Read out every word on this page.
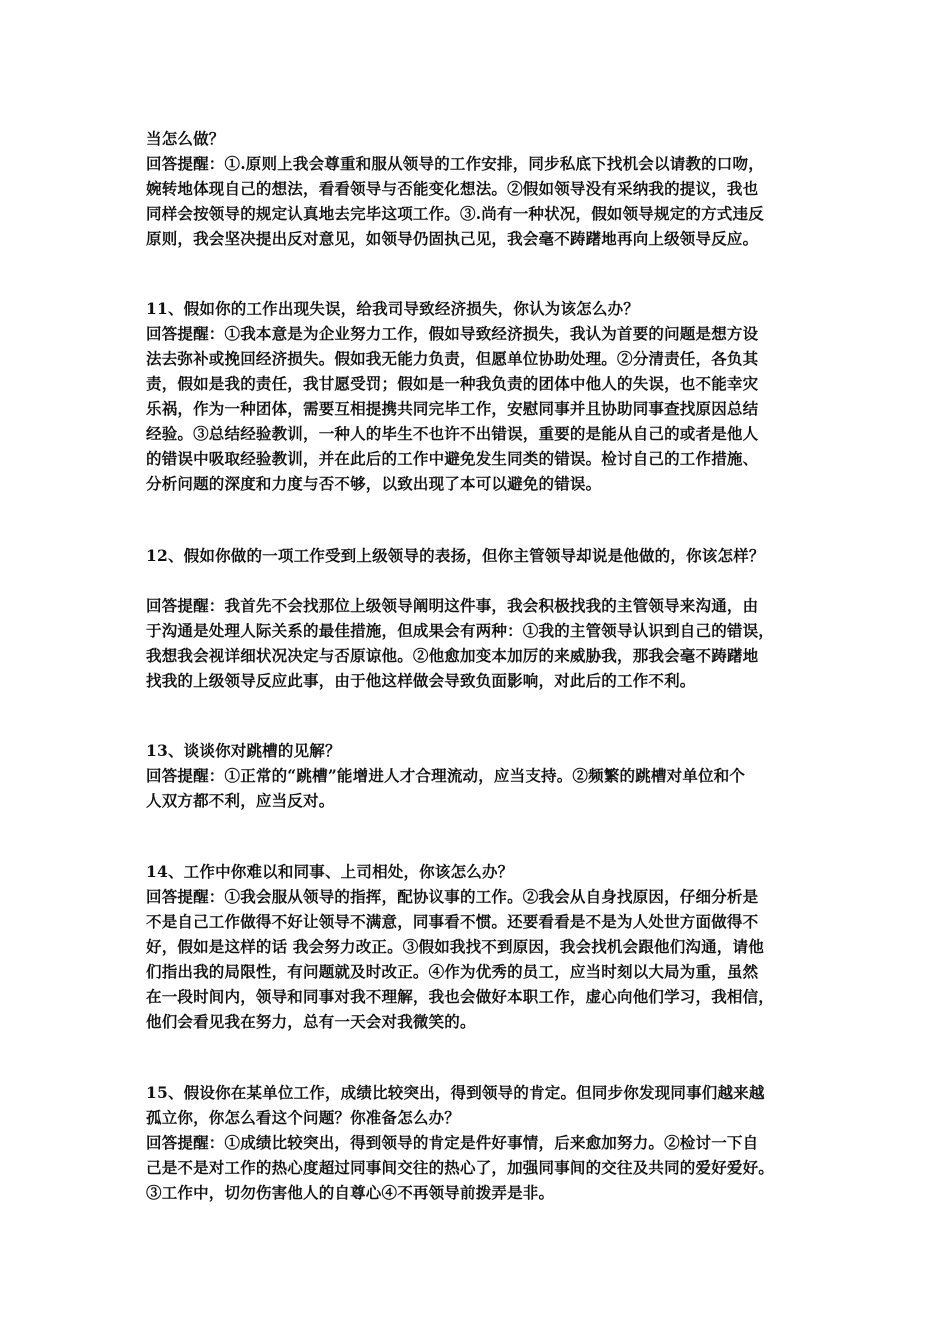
当怎么做？
回答提醒：①.原则上我会尊重和服从领导的工作安排，同步私底下找机会以请教的口吻，
婉转地体现自己的想法，看看领导与否能变化想法。②假如领导没有采纳我的提议，我也
同样会按领导的规定认真地去完毕这项工作。③.尚有一种状况，假如领导规定的方式违反
原则，我会坚决提出反对意见，如领导仍固执己见，我会毫不踌躇地再向上级领导反应。
11、假如你的工作出现失误，给我司导致经济损失，你认为该怎么办？
回答提醒：①我本意是为企业努力工作，假如导致经济损失，我认为首要的问题是想方设
法去弥补或挽回经济损失。假如我无能力负责，但愿单位协助处理。②分清责任，各负其
责，假如是我的责任，我甘愿受罚；假如是一种我负责的团体中他人的失误，也不能幸灾
乐祸，作为一种团体，需要互相提携共同完毕工作，安慰同事并且协助同事查找原因总结
经验。③总结经验教训，一种人的毕生不也许不出错误，重要的是能从自己的或者是他人
的错误中吸取经验教训，并在此后的工作中避免发生同类的错误。检讨自己的工作措施、
分析问题的深度和力度与否不够，以致出现了本可以避免的错误。
12、假如你做的一项工作受到上级领导的表扬，但你主管领导却说是他做的，你该怎样？
回答提醒：我首先不会找那位上级领导阐明这件事，我会积极找我的主管领导来沟通，由
于沟通是处理人际关系的最佳措施，但成果会有两种：①我的主管领导认识到自己的错误，
我想我会视详细状况决定与否原谅他。②他愈加变本加厉的来威胁我，那我会毫不踌躇地
找我的上级领导反应此事，由于他这样做会导致负面影响，对此后的工作不利。
13、谈谈你对跳槽的见解？
回答提醒：①正常的“跳槽”能增进人才合理流动，应当支持。②频繁的跳槽对单位和个
人双方都不利，应当反对。
14、工作中你难以和同事、上司相处，你该怎么办？
回答提醒：①我会服从领导的指挥，配协议事的工作。②我会从自身找原因，仔细分析是
不是自己工作做得不好让领导不满意，同事看不惯。还要看看是不是为人处世方面做得不
好，假如是这样的话 我会努力改正。③假如我找不到原因，我会找机会跟他们沟通，请他
们指出我的局限性，有问题就及时改正。④作为优秀的员工，应当时刻以大局为重，虽然
在一段时间内，领导和同事对我不理解，我也会做好本职工作，虚心向他们学习，我相信，
他们会看见我在努力，总有一天会对我微笑的。
15、假设你在某单位工作，成绩比较突出，得到领导的肯定。但同步你发现同事们越来越
孤立你，你怎么看这个问题？你准备怎么办？
回答提醒：①成绩比较突出，得到领导的肯定是件好事情，后来愈加努力。②检讨一下自
己是不是对工作的热心度超过同事间交往的热心了，加强同事间的交往及共同的爱好爱好。
③工作中，切勿伤害他人的自尊心④不再领导前拨弄是非。
